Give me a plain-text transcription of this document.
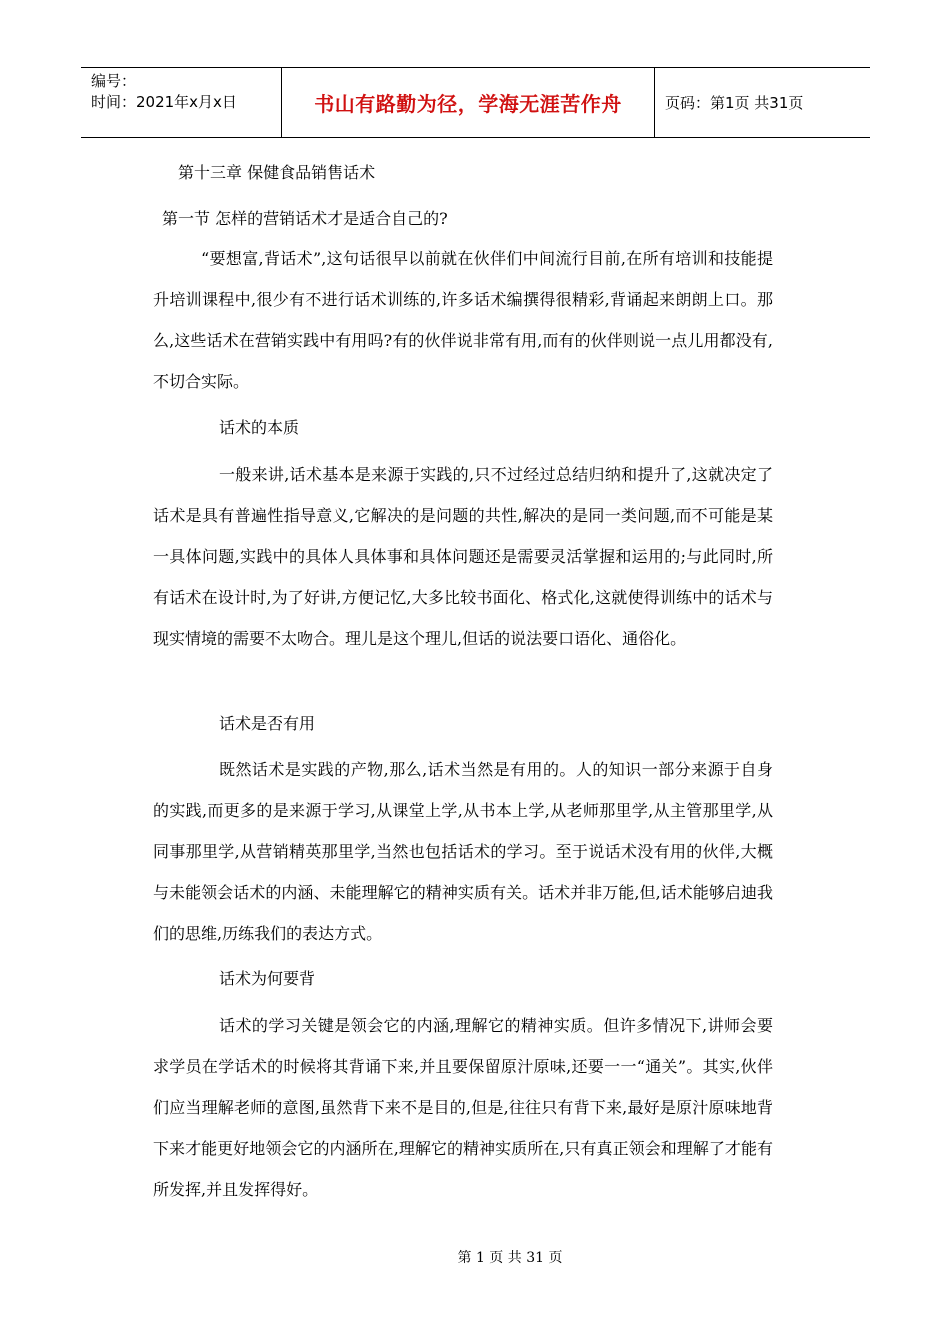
编号：
时间：2021年x月x日	书山有路勤为径，学海无涯苦作舟	页码：第1页 共31页
第十三章 保健食品销售话术
第一节 怎样的营销话术才是适合自己的?

“要想富,背话术”,这句话很早以前就在伙伴们中间流行目前,在所有培训和技能提升培训课程中,很少有不进行话术训练的,许多话术编撰得很精彩,背诵起来朗朗上口。那么,这些话术在营销实践中有用吗?有的伙伴说非常有用,而有的伙伴则说一点儿用都没有,不切合实际。

话术的本质

一般来讲,话术基本是来源于实践的,只不过经过总结归纳和提升了,这就决定了话术是具有普遍性指导意义,它解决的是问题的共性,解决的是同一类问题,而不可能是某一具体问题,实践中的具体人具体事和具体问题还是需要灵活掌握和运用的;与此同时,所有话术在设计时,为了好讲,方便记忆,大多比较书面化、格式化,这就使得训练中的话术与现实情境的需要不太吻合。理儿是这个理儿,但话的说法要口语化、通俗化。

话术是否有用

既然话术是实践的产物,那么,话术当然是有用的。人的知识一部分来源于自身的实践,而更多的是来源于学习,从课堂上学,从书本上学,从老师那里学,从主管那里学,从同事那里学,从营销精英那里学,当然也包括话术的学习。至于说话术没有用的伙伴,大概与未能领会话术的内涵、未能理解它的精神实质有关。话术并非万能,但,话术能够启迪我们的思维,历练我们的表达方式。

话术为何要背

话术的学习关键是领会它的内涵,理解它的精神实质。但许多情况下,讲师会要求学员在学话术的时候将其背诵下来,并且要保留原汁原味,还要一一“通关”。其实,伙伴们应当理解老师的意图,虽然背下来不是目的,但是,往往只有背下来,最好是原汁原味地背下来才能更好地领会它的内涵所在,理解它的精神实质所在,只有真正领会和理解了才能有所发挥,并且发挥得好。

第 1 页 共 31 页
